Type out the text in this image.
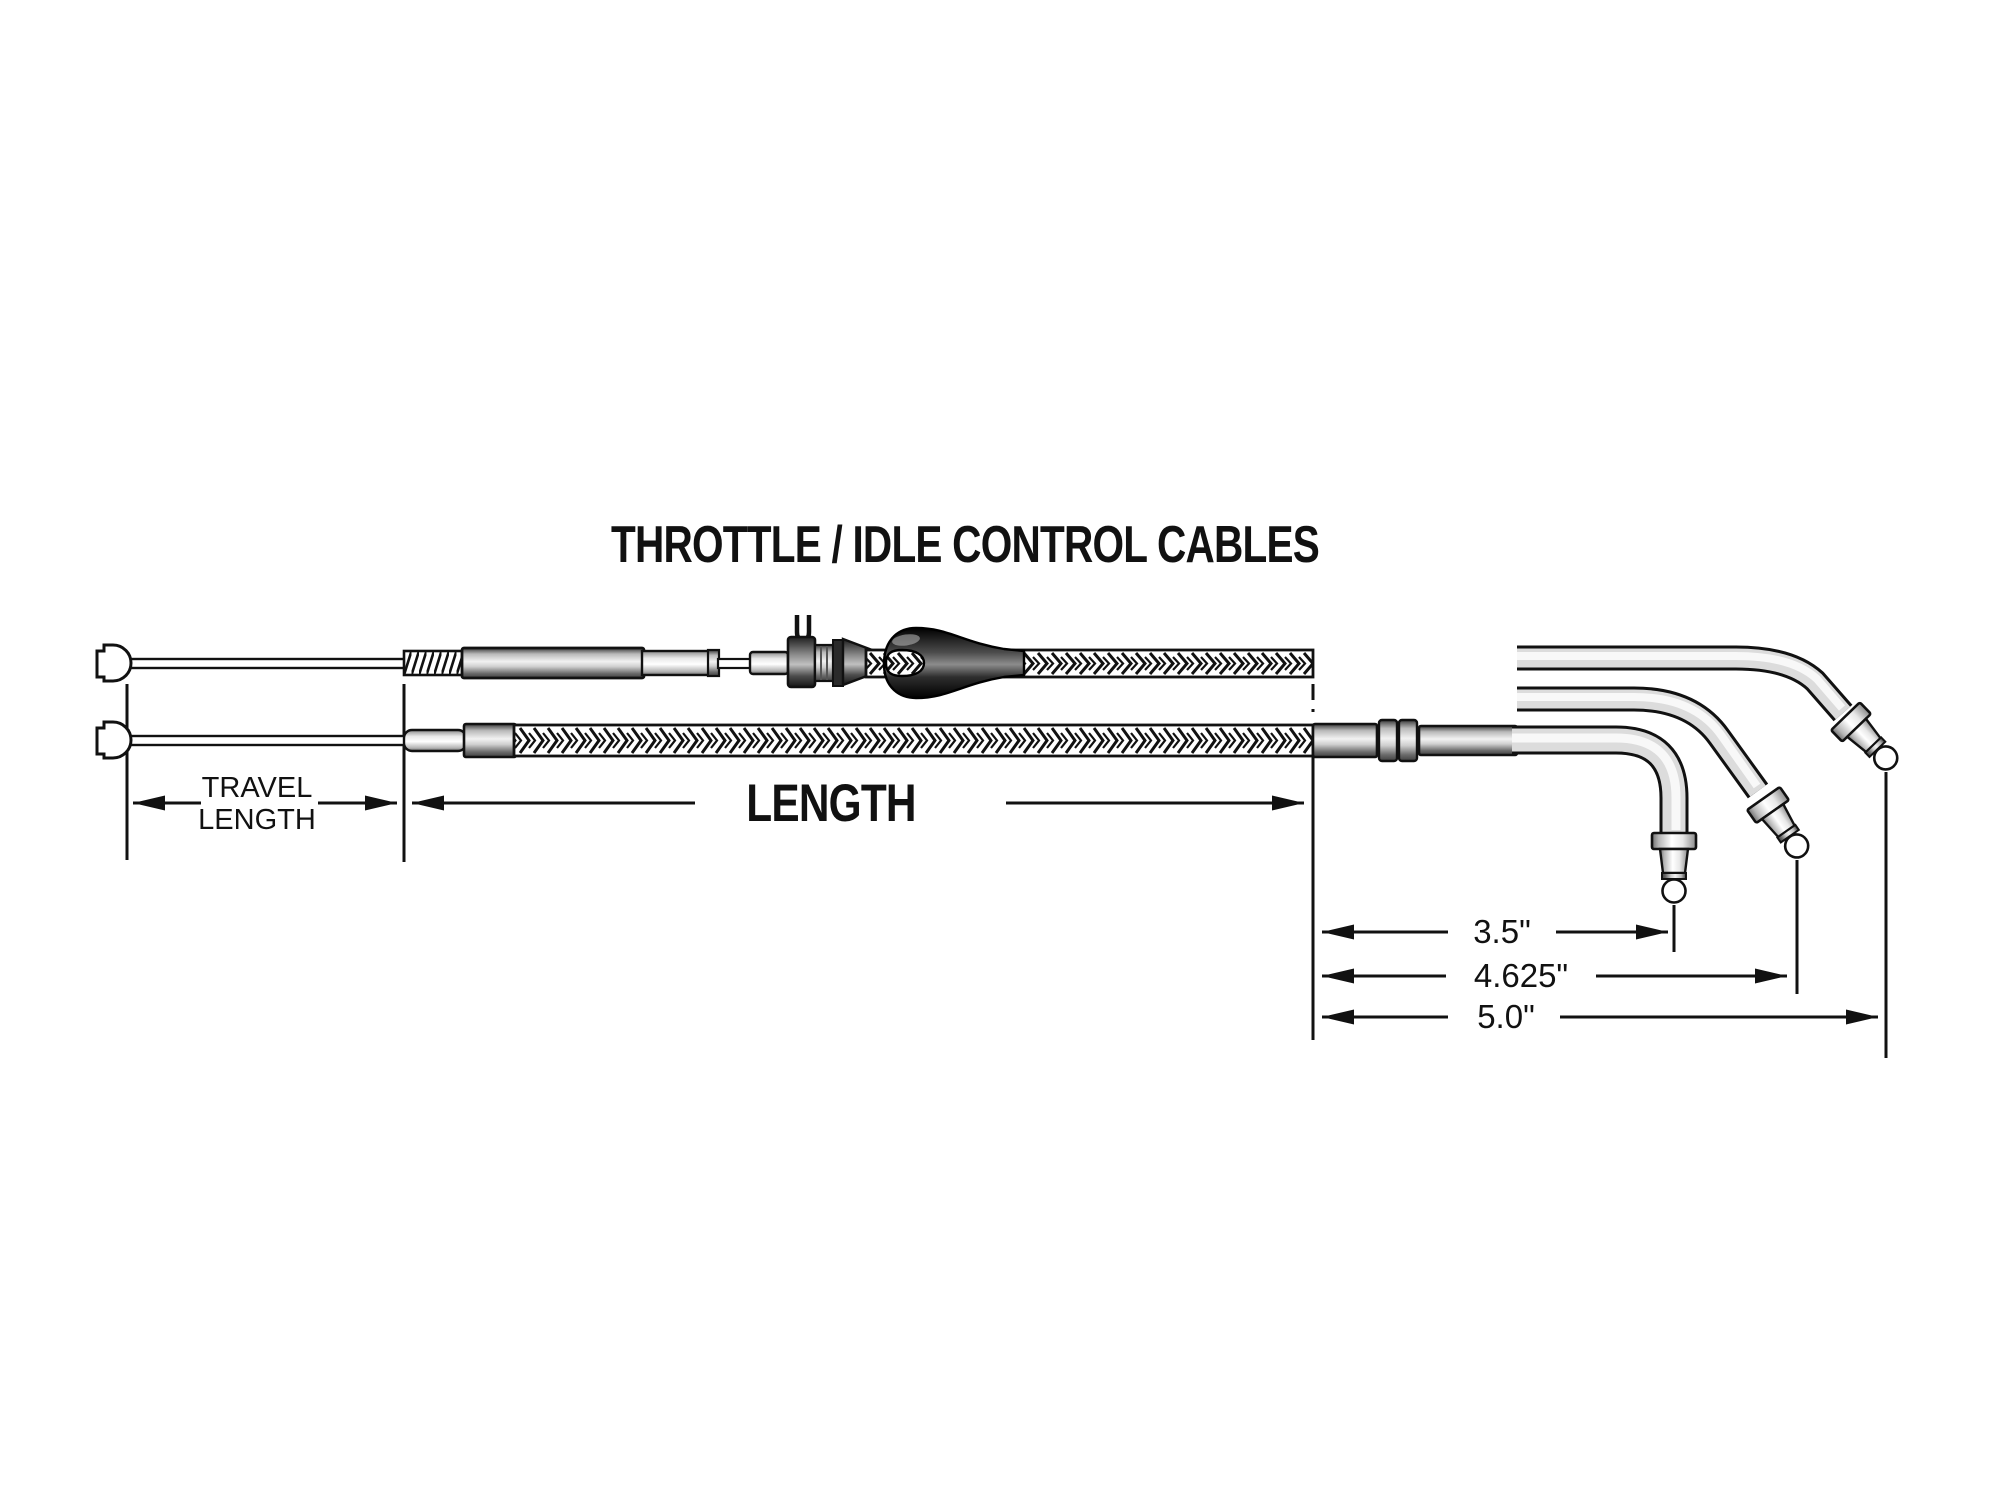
THROTTLE / IDLE CONTROL CABLES
TRAVEL
LENGTH	LENGTH
3.5"
4.625"
5.0"
